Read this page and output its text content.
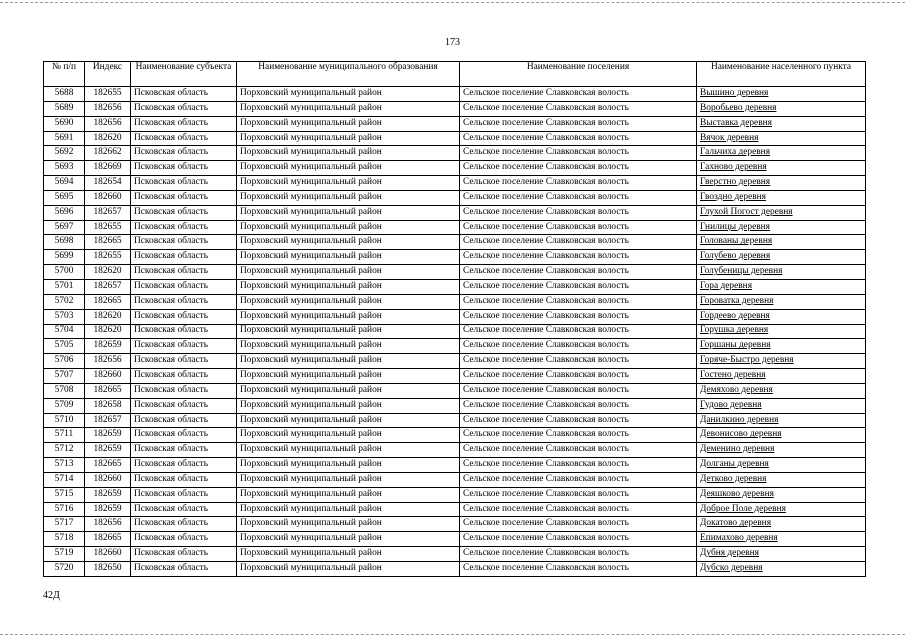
173
№ п/п	Индекс	Наименование субъекта	Наименование муниципального образования	Наименование поселения	Наименование населенного пункта
5688	182655	Псковская область	Порховский муниципальный район	Сельское поселение Славковская волость	Вышино деревня
5689	182656	Псковская область	Порховский муниципальный район	Сельское поселение Славковская волость	Воробьево деревня
5690	182656	Псковская область	Порховский муниципальный район	Сельское поселение Славковская волость	Выставка деревня
5691	182620	Псковская область	Порховский муниципальный район	Сельское поселение Славковская волость	Вячок деревня
5692	182662	Псковская область	Порховский муниципальный район	Сельское поселение Славковская волость	Гальчиха деревня
5693	182669	Псковская область	Порховский муниципальный район	Сельское поселение Славковская волость	Гахново деревня
5694	182654	Псковская область	Порховский муниципальный район	Сельское поселение Славковская волость	Гверстно деревня
5695	182660	Псковская область	Порховский муниципальный район	Сельское поселение Славковская волость	Гвоздно деревня
5696	182657	Псковская область	Порховский муниципальный район	Сельское поселение Славковская волость	Глухой Погост деревня
5697	182655	Псковская область	Порховский муниципальный район	Сельское поселение Славковская волость	Гнилицы деревня
5698	182665	Псковская область	Порховский муниципальный район	Сельское поселение Славковская волость	Голованы деревня
5699	182655	Псковская область	Порховский муниципальный район	Сельское поселение Славковская волость	Голубево деревня
5700	182620	Псковская область	Порховский муниципальный район	Сельское поселение Славковская волость	Голубеницы деревня
5701	182657	Псковская область	Порховский муниципальный район	Сельское поселение Славковская волость	Гора деревня
5702	182665	Псковская область	Порховский муниципальный район	Сельское поселение Славковская волость	Горoватка деревня
5703	182620	Псковская область	Порховский муниципальный район	Сельское поселение Славковская волость	Гордеево деревня
5704	182620	Псковская область	Порховский муниципальный район	Сельское поселение Славковская волость	Горушка деревня
5705	182659	Псковская область	Порховский муниципальный район	Сельское поселение Славковская волость	Горшаны деревня
5706	182656	Псковская область	Порховский муниципальный район	Сельское поселение Славковская волость	Горяче-Быстро деревня
5707	182660	Псковская область	Порховский муниципальный район	Сельское поселение Славковская волость	Гостено деревня
5708	182665	Псковская область	Порховский муниципальный район	Сельское поселение Славковская волость	Демяхово деревня
5709	182658	Псковская область	Порховский муниципальный район	Сельское поселение Славковская волость	Гудово деревня
5710	182657	Псковская область	Порховский муниципальный район	Сельское поселение Славковская волость	Данилкино деревня
5711	182659	Псковская область	Порховский муниципальный район	Сельское поселение Славковская волость	Девонисово деревня
5712	182659	Псковская область	Порховский муниципальный район	Сельское поселение Славковская волость	Деменино деревня
5713	182665	Псковская область	Порховский муниципальный район	Сельское поселение Славковская волость	Долганы деревня
5714	182660	Псковская область	Порховский муниципальный район	Сельское поселение Славковская волость	Детково деревня
5715	182659	Псковская область	Порховский муниципальный район	Сельское поселение Славковская волость	Деяшково деревня
5716	182659	Псковская область	Порховский муниципальный район	Сельское поселение Славковская волость	Доброе Поле деревня
5717	182656	Псковская область	Порховский муниципальный район	Сельское поселение Славковская волость	Докатово деревня
5718	182665	Псковская область	Порховский муниципальный район	Сельское поселение Славковская волость	Епимахово деревня
5719	182660	Псковская область	Порховский муниципальный район	Сельское поселение Славковская волость	Дубня деревня
5720	182650	Псковская область	Порховский муниципальный район	Сельское поселение Славковская волость	Дубско деревня
42Д
